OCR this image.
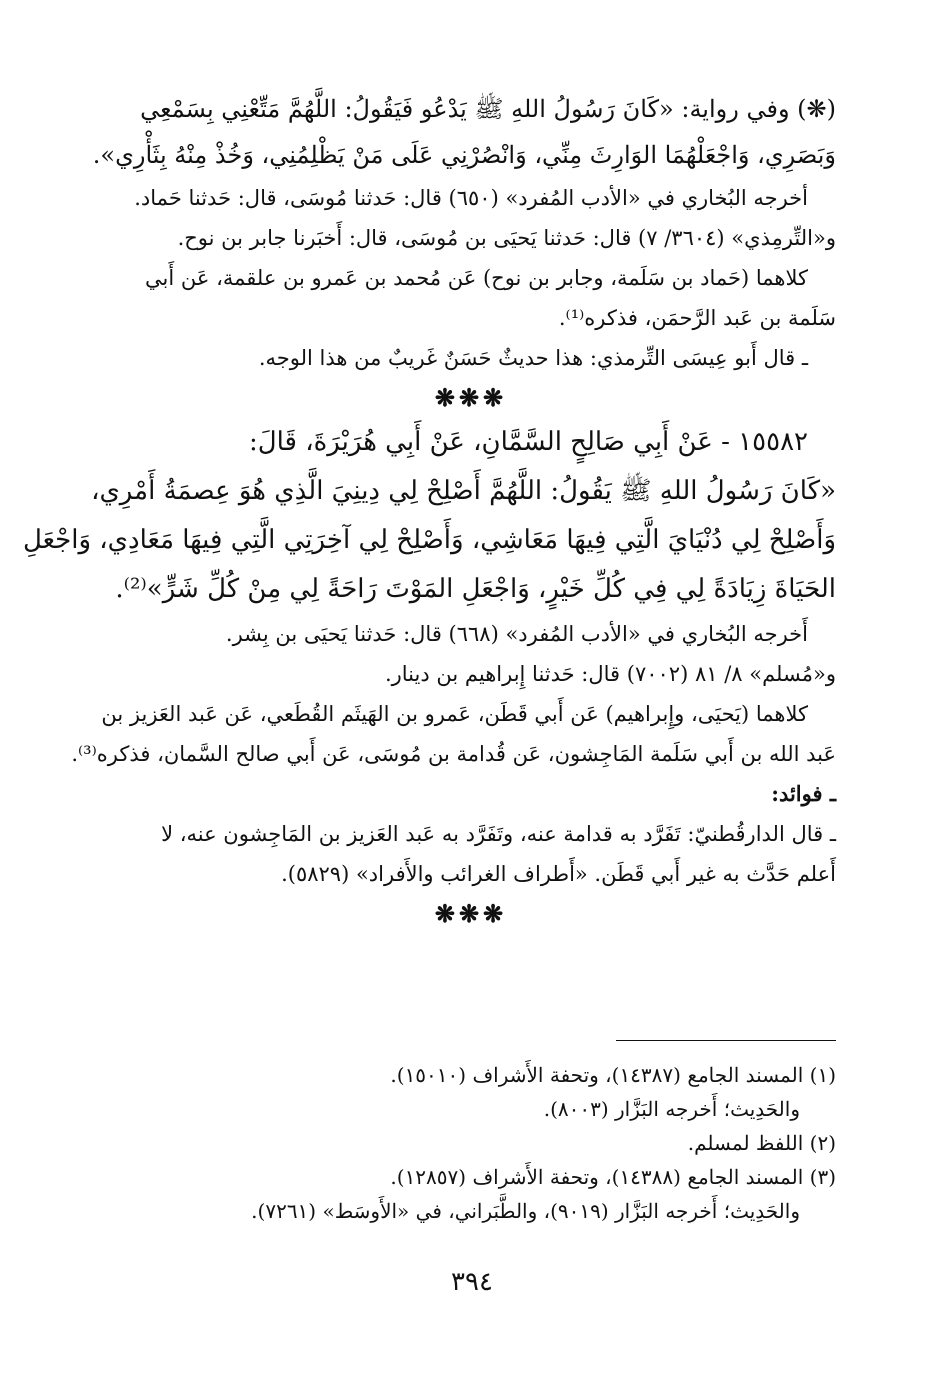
(❋) وفي رواية: «كَانَ رَسُولُ اللهِ ﷺ يَدْعُو فَيَقُولُ: اللَّهُمَّ مَتِّعْنِي بِسَمْعِي

وَبَصَرِي، وَاجْعَلْهُمَا الوَارِثَ مِنِّي، وَانْصُرْنِي عَلَى مَنْ يَظْلِمُنِي، وَخُذْ مِنْهُ بِثَأْرِي».

أخرجه البُخاري في «الأدب المُفرد» (٦٥٠) قال: حَدثنا مُوسَى، قال: حَدثنا حَماد.

و«التِّرمِذي» (٣٦٠٤/ ٧) قال: حَدثنا يَحيَى بن مُوسَى، قال: أَخبَرنا جابر بن نوح.

كلاهما (حَماد بن سَلَمة، وجابر بن نوح) عَن مُحمد بن عَمرو بن علقمة، عَن أَبي

سَلَمة بن عَبد الرَّحمَن، فذكره⁽¹⁾.

ـ قال أَبو عِيسَى التِّرمذي: هذا حديثٌ حَسَنٌ غَريبٌ من هذا الوجه.

❋❋❋

١٥٥٨٢ - عَنْ أَبِي صَالِحٍ السَّمَّانِ، عَنْ أَبِي هُرَيْرَةَ، قَالَ:

«كَانَ رَسُولُ اللهِ ﷺ يَقُولُ: اللَّهُمَّ أَصْلِحْ لِي دِينِيَ الَّذِي هُوَ عِصمَةُ أَمْرِي،

وَأَصْلِحْ لِي دُنْيَايَ الَّتِي فِيهَا مَعَاشِي، وَأَصْلِحْ لِي آخِرَتِي الَّتِي فِيهَا مَعَادِي، وَاجْعَلِ

الحَيَاةَ زِيَادَةً لِي فِي كُلِّ خَيْرٍ، وَاجْعَلِ المَوْتَ رَاحَةً لِي مِنْ كُلِّ شَرٍّ»⁽²⁾.

أَخرجه البُخاري في «الأدب المُفرد» (٦٦٨) قال: حَدثنا يَحيَى بن بِشر.

و«مُسلم» ٨/ ٨١ (٧٠٠٢) قال: حَدثنا إِبراهيم بن دينار.

كلاهما (يَحيَى، وإِبراهيم) عَن أَبي قَطَن، عَمرو بن الهَيثَم القُطَعي، عَن عَبد العَزيز بن

عَبد الله بن أَبي سَلَمة المَاجِشون، عَن قُدامة بن مُوسَى، عَن أَبي صالح السَّمان، فذكره⁽³⁾.

ـ فوائد:

ـ قال الدارقُطنيّ: تَفَرَّد به قدامة عنه، وتَفَرَّد به عَبد العَزيز بن المَاجِشون عنه، لا

أَعلم حَدَّث به غير أَبي قَطَن. «أَطراف الغرائب والأَفراد» (٥٨٢٩).

❋❋❋

(١) المسند الجامع (١٤٣٨٧)، وتحفة الأَشراف (١٥٠١٠).

والحَدِيث؛ أَخرجه البَزَّار (٨٠٠٣).

(٢) اللفظ لمسلم.

(٣) المسند الجامع (١٤٣٨٨)، وتحفة الأَشراف (١٢٨٥٧).

والحَدِيث؛ أَخرجه البَزَّار (٩٠١٩)، والطَّبَراني، في «الأَوسَط» (٧٢٦١).

٣٩٤
